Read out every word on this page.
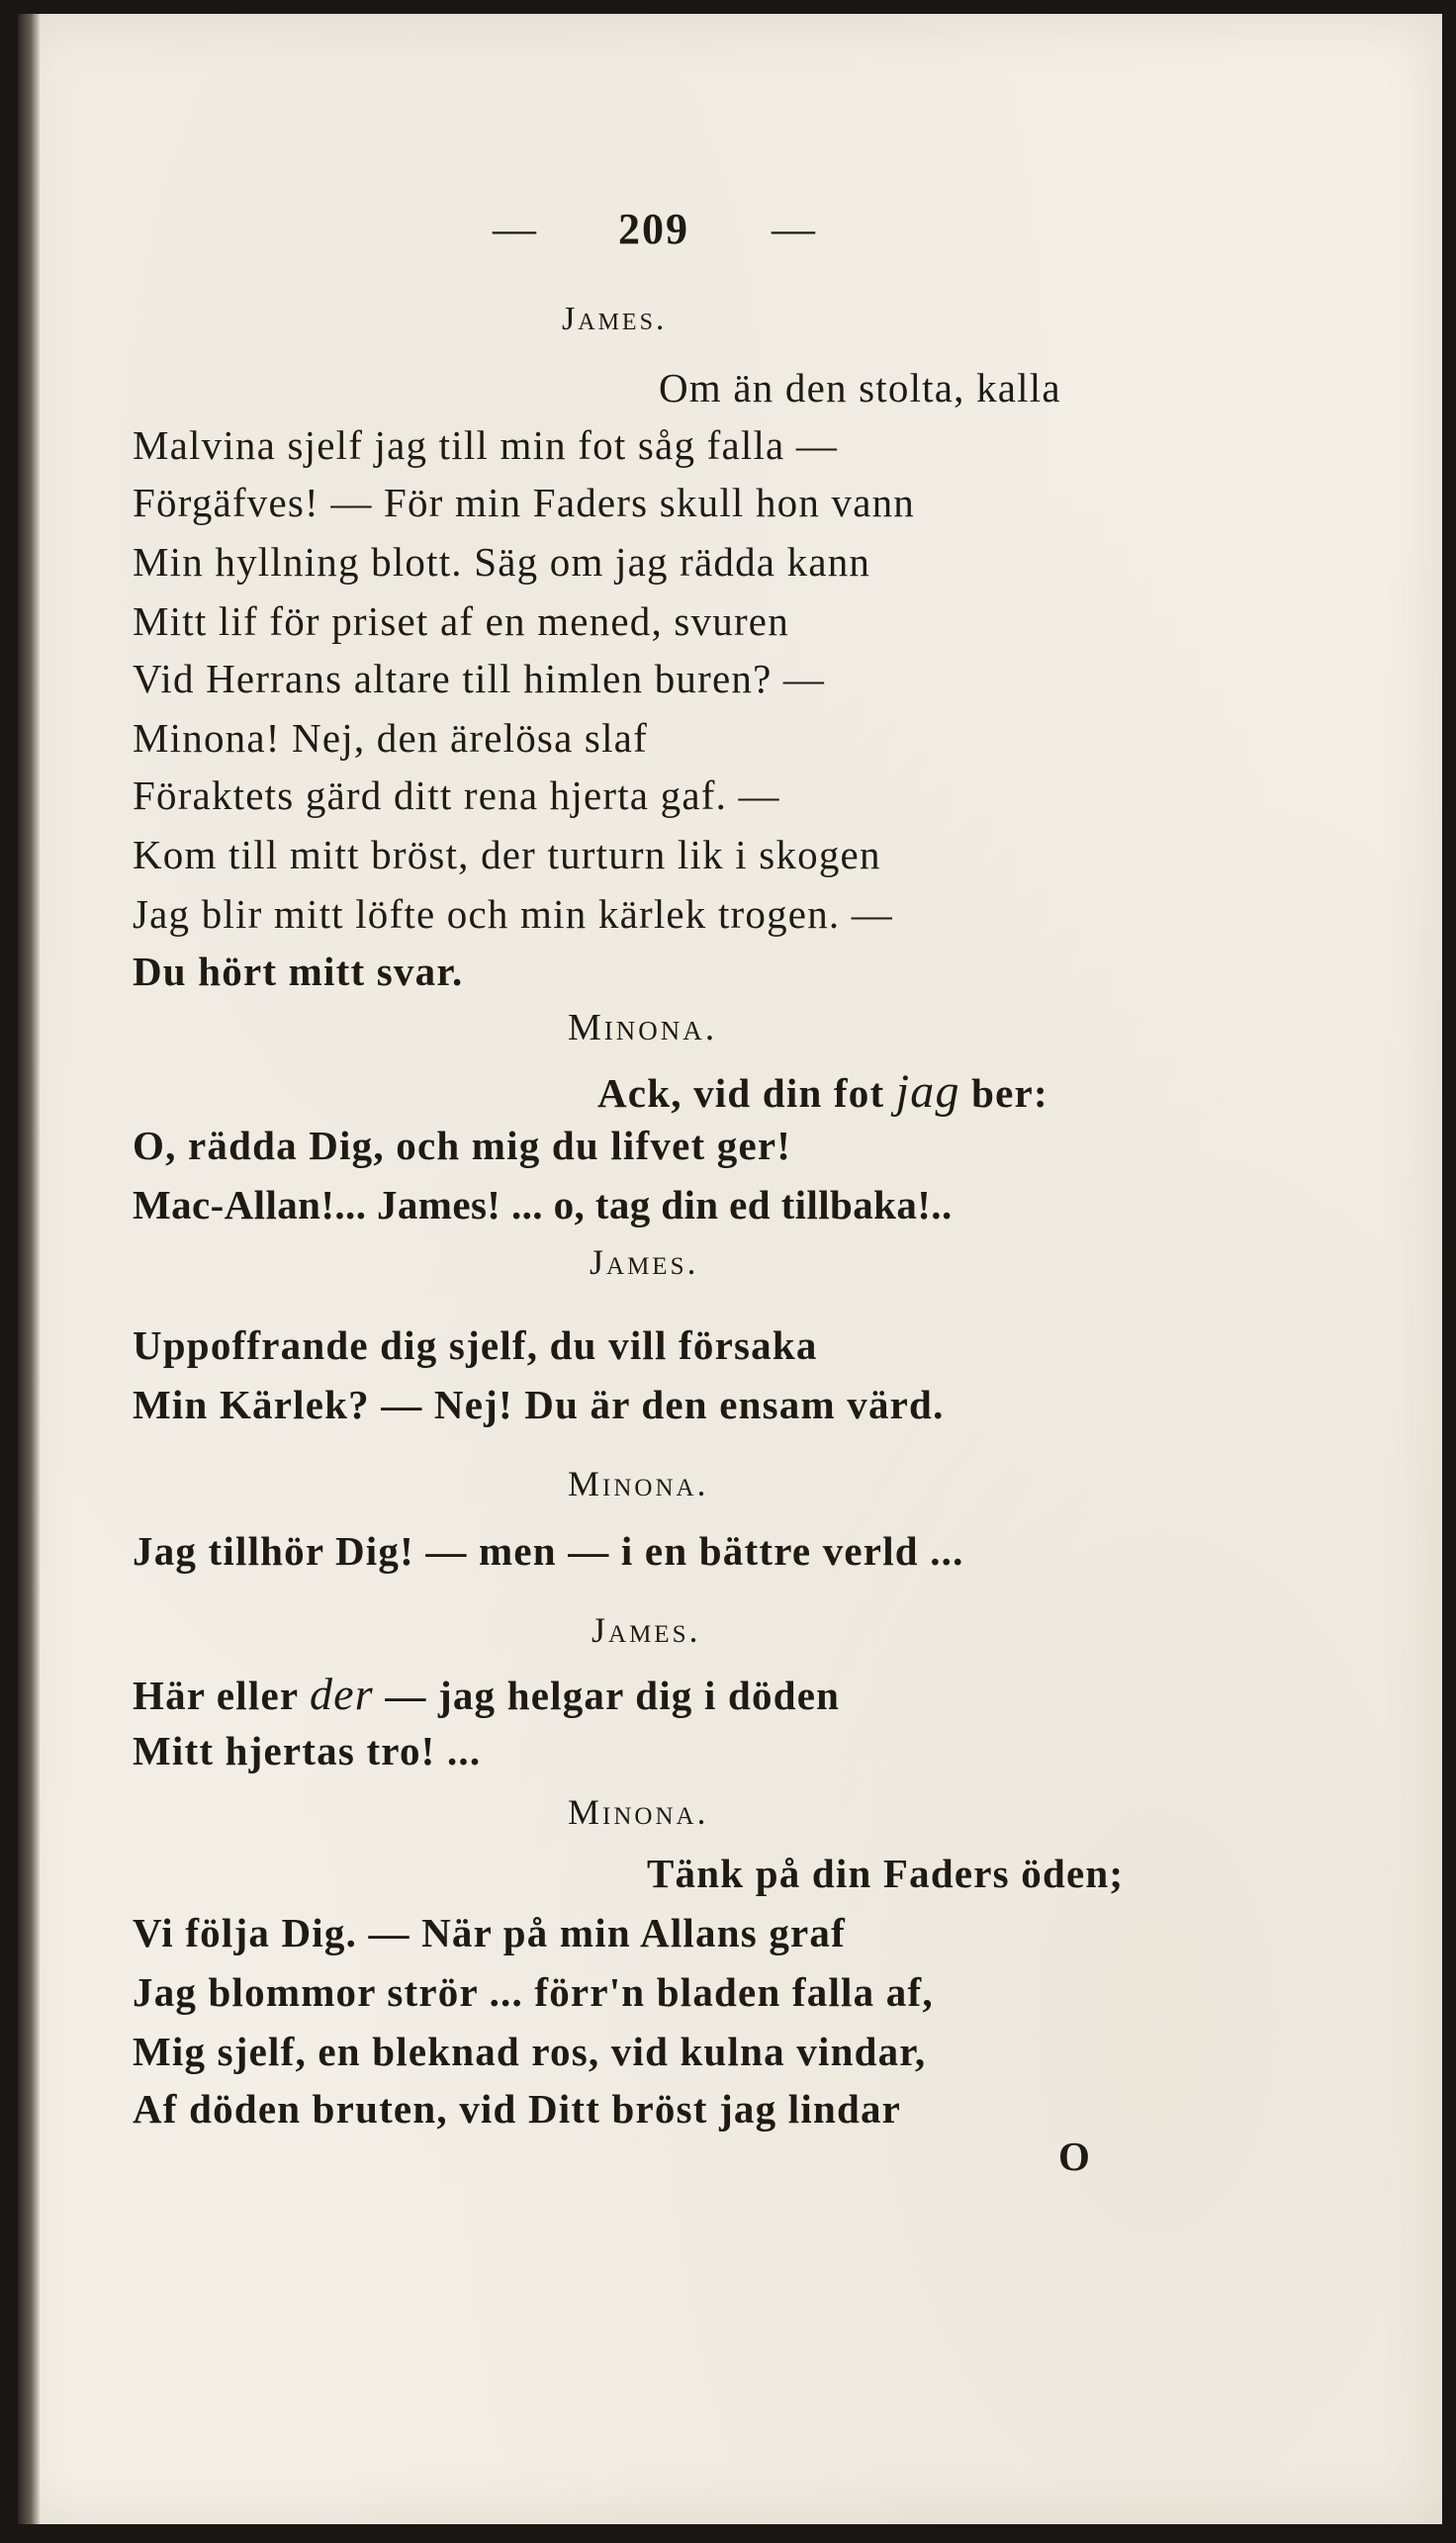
— 209 —
James.
Om än den stolta, kalla
Malvina sjelf jag till min fot såg falla —
Förgäfves! — För min Faders skull hon vann
Min hyllning blott. Säg om jag rädda kann
Mitt lif för priset af en mened, svuren
Vid Herrans altare till himlen buren? —
Minona! Nej, den ärelösa slaf
Föraktets gärd ditt rena hjerta gaf. —
Kom till mitt bröst, der turturn lik i skogen
Jag blir mitt löfte och min kärlek trogen. —
Du hört mitt svar.
Minona.
Ack, vid din fot jag ber:
O, rädda Dig, och mig du lifvet ger!
Mac-Allan!... James! ... o, tag din ed tillbaka!..
James.
Uppoffrande dig sjelf, du vill försaka
Min Kärlek? — Nej! Du är den ensam värd.
Minona.
Jag tillhör Dig! — men — i en bättre verld ...
James.
Här eller der — jag helgar dig i döden
Mitt hjertas tro! ...
Minona.
Tänk på din Faders öden;
Vi följa Dig. — När på min Allans graf
Jag blommor strör ... förr'n bladen falla af,
Mig sjelf, en bleknad ros, vid kulna vindar,
Af döden bruten, vid Ditt bröst jag lindar
O
